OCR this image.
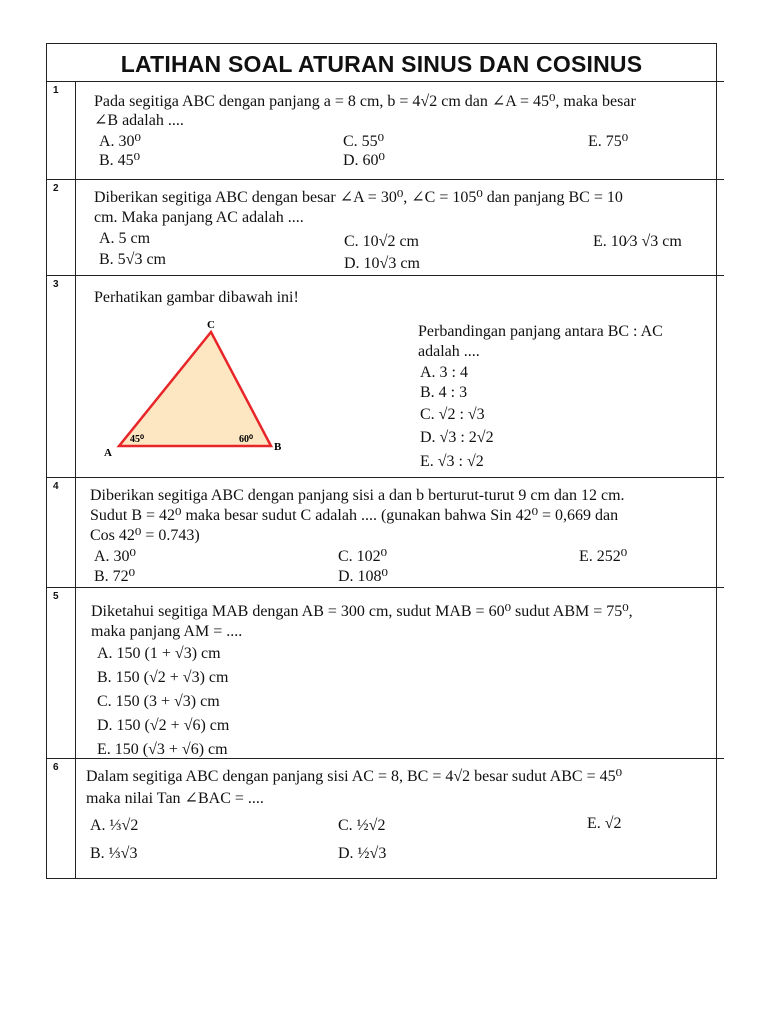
LATIHAN SOAL ATURAN SINUS DAN COSINUS
1
Pada segitiga ABC dengan panjang a = 8 cm, b = 4√2 cm dan ∠A = 45⁰, maka besar
∠B adalah ....
A. 30⁰
B. 45⁰
C. 55⁰
D. 60⁰
E. 75⁰
2
Diberikan segitiga ABC dengan besar ∠A = 30⁰, ∠C = 105⁰ dan panjang BC = 10
cm. Maka panjang AC adalah ....
A. 5 cm
B. 5√3 cm
C. 10√2 cm
D. 10√3 cm
E. 10⁄3 √3 cm
3
Perhatikan gambar dibawah ini!
C
A	B
45⁰	60⁰
Perbandingan panjang antara BC : AC
adalah ....
A. 3 : 4
B. 4 : 3
C. √2 : √3
D. √3 : 2√2
E. √3 : √2
4
Diberikan segitiga ABC dengan panjang sisi a dan b berturut-turut 9 cm dan 12 cm.
Sudut B = 42⁰ maka besar sudut C adalah .... (gunakan bahwa Sin 42⁰ = 0,669 dan
Cos 42⁰ = 0.743)
A. 30⁰
B. 72⁰
C. 102⁰
D. 108⁰
E. 252⁰
5
Diketahui segitiga MAB dengan AB = 300 cm, sudut MAB = 60⁰ sudut ABM = 75⁰,
maka panjang AM = ....
A. 150 (1 + √3) cm
B. 150 (√2 + √3) cm
C. 150 (3 + √3) cm
D. 150 (√2 + √6) cm
E. 150 (√3 + √6) cm
6
Dalam segitiga ABC dengan panjang sisi AC = 8, BC = 4√2 besar sudut ABC = 45⁰
maka nilai Tan ∠BAC = ....
A. ⅓√2
B. ⅓√3
C. ½√2
D. ½√3
E. √2
